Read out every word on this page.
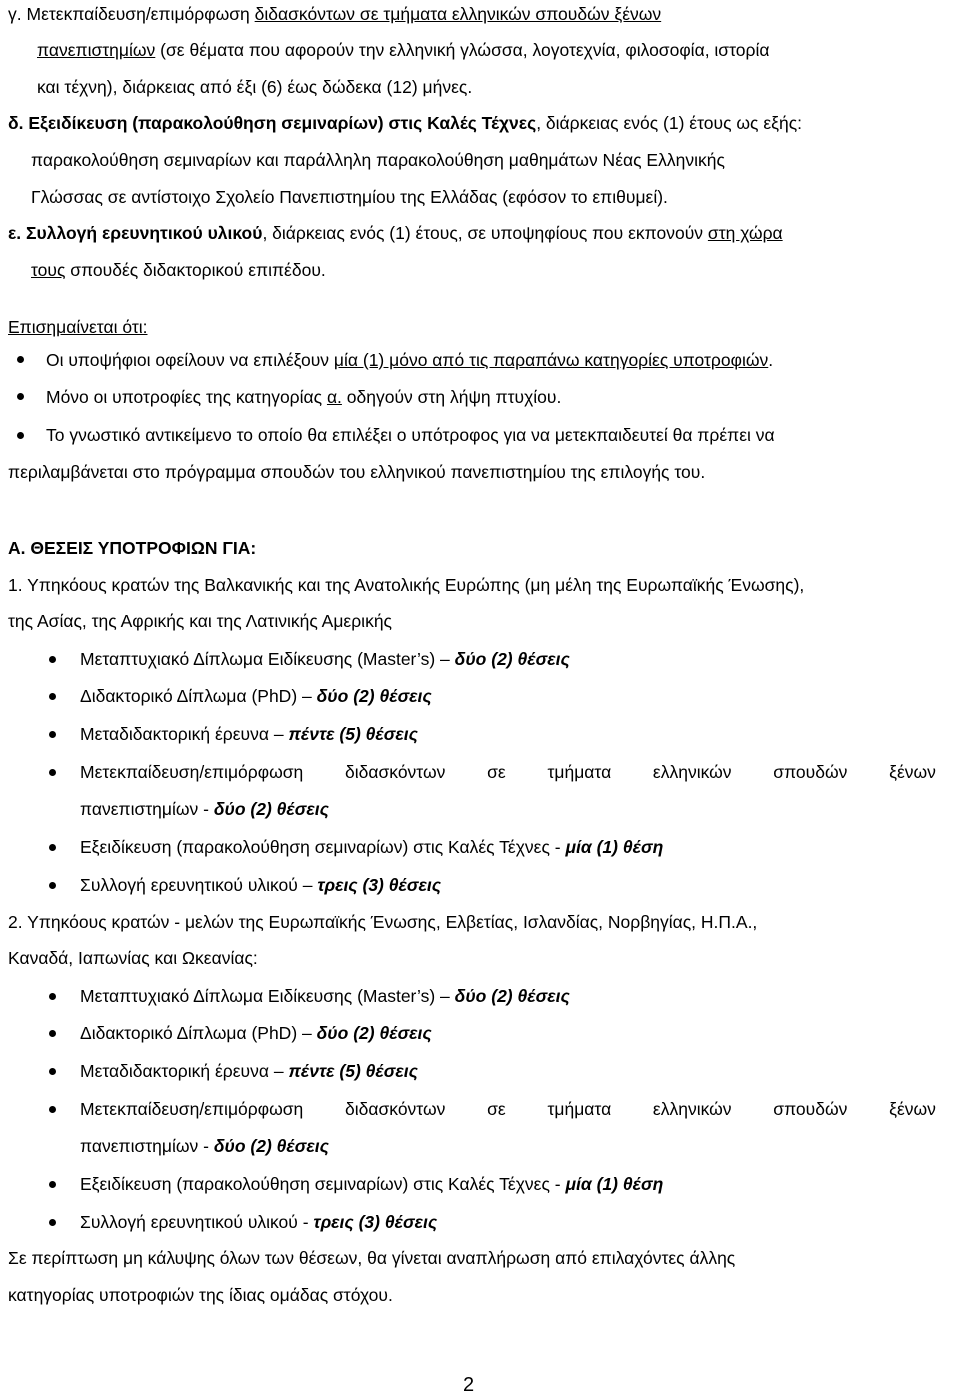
γ. Μετεκπαίδευση/επιμόρφωση διδασκόντων σε τμήματα ελληνικών σπουδών ξένων
πανεπιστημίων (σε θέματα που αφορούν την ελληνική γλώσσα, λογοτεχνία, φιλοσοφία, ιστορία
και τέχνη), διάρκειας από έξι (6) έως δώδεκα (12) μήνες.
δ. Εξειδίκευση (παρακολούθηση σεμιναρίων) στις Καλές Τέχνες, διάρκειας ενός (1) έτους ως εξής:
παρακολούθηση σεμιναρίων και παράλληλη παρακολούθηση μαθημάτων Νέας Ελληνικής
Γλώσσας σε αντίστοιχο Σχολείο Πανεπιστημίου της Ελλάδας (εφόσον το επιθυμεί).
ε. Συλλογή ερευνητικού υλικού, διάρκειας ενός (1) έτους, σε υποψηφίους που εκπονούν στη χώρα
τους σπουδές διδακτορικού επιπέδου.
Επισημαίνεται ότι:
Οι υποψήφιοι οφείλουν να επιλέξουν μία (1) μόνο από τις παραπάνω κατηγορίες υποτροφιών.
Μόνο οι υποτροφίες της κατηγορίας α. οδηγούν στη λήψη πτυχίου.
Το γνωστικό αντικείμενο το οποίο θα επιλέξει ο υπότροφος για να μετεκπαιδευτεί θα πρέπει να
περιλαμβάνεται στο πρόγραμμα σπουδών του ελληνικού πανεπιστημίου της επιλογής του.
Α. ΘΕΣΕΙΣ ΥΠΟΤΡΟΦΙΩΝ ΓΙΑ:
1. Υπηκόους κρατών της Βαλκανικής και της Ανατολικής Ευρώπης (μη μέλη της Ευρωπαϊκής Ένωσης),
της Ασίας, της Αφρικής και της Λατινικής Αμερικής
Μεταπτυχιακό Δίπλωμα Ειδίκευσης (Master’s) – δύο (2) θέσεις
Διδακτορικό Δίπλωμα (PhD) – δύο (2) θέσεις
Μεταδιδακτορική έρευνα – πέντε (5) θέσεις
Μετεκπαίδευση/επιμόρφωση διδασκόντων σε τμήματα ελληνικών σπουδών ξένων
πανεπιστημίων - δύο (2) θέσεις
Εξειδίκευση (παρακολούθηση σεμιναρίων) στις Καλές Τέχνες - μία (1) θέση
Συλλογή ερευνητικού υλικού – τρεις (3) θέσεις
2. Υπηκόους κρατών - μελών της Ευρωπαϊκής Ένωσης, Ελβετίας, Ισλανδίας, Νορβηγίας, Η.Π.Α.,
Καναδά, Ιαπωνίας και Ωκεανίας:
Μεταπτυχιακό Δίπλωμα Ειδίκευσης (Master’s) – δύο (2) θέσεις
Διδακτορικό Δίπλωμα (PhD) – δύο (2) θέσεις
Μεταδιδακτορική έρευνα – πέντε (5) θέσεις
Μετεκπαίδευση/επιμόρφωση διδασκόντων σε τμήματα ελληνικών σπουδών ξένων
πανεπιστημίων - δύο (2) θέσεις
Εξειδίκευση (παρακολούθηση σεμιναρίων) στις Καλές Τέχνες - μία (1) θέση
Συλλογή ερευνητικού υλικού - τρεις (3) θέσεις
Σε περίπτωση μη κάλυψης όλων των θέσεων, θα γίνεται αναπλήρωση από επιλαχόντες άλλης
κατηγορίας υποτροφιών της ίδιας ομάδας στόχου.
2
